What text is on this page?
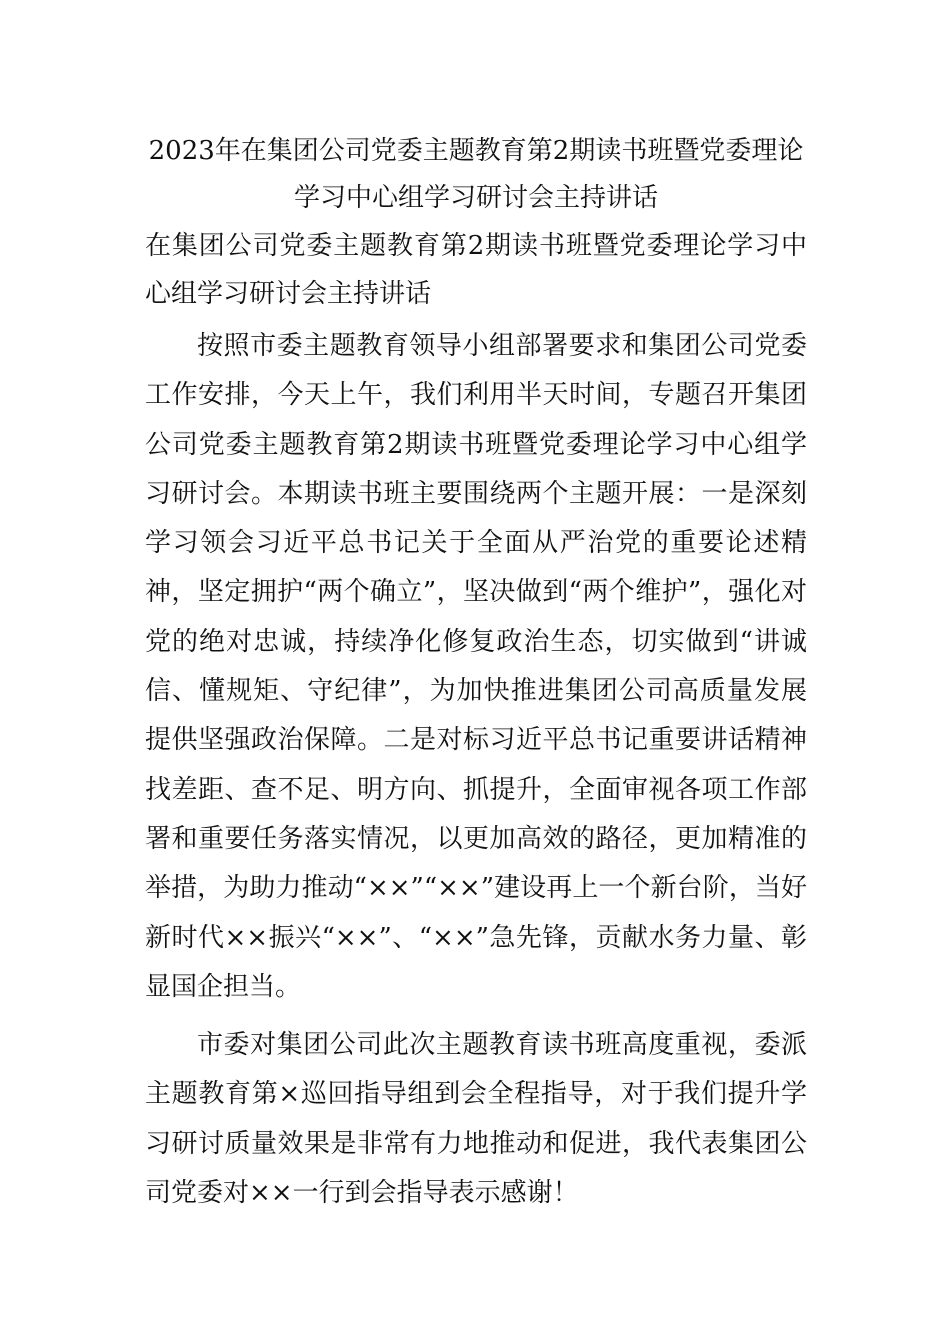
2023年在集团公司党委主题教育第2期读书班暨党委理论学习中心组学习研讨会主持讲话

在集团公司党委主题教育第2期读书班暨党委理论学习中心组学习研讨会主持讲话

按照市委主题教育领导小组部署要求和集团公司党委工作安排，今天上午，我们利用半天时间，专题召开集团公司党委主题教育第2期读书班暨党委理论学习中心组学习研讨会。本期读书班主要围绕两个主题开展：一是深刻学习领会习近平总书记关于全面从严治党的重要论述精神，坚定拥护“两个确立”，坚决做到“两个维护”，强化对党的绝对忠诚，持续净化修复政治生态，切实做到“讲诚信、懂规矩、守纪律”，为加快推进集团公司高质量发展提供坚强政治保障。二是对标习近平总书记重要讲话精神找差距、查不足、明方向、抓提升，全面审视各项工作部署和重要任务落实情况，以更加高效的路径，更加精准的举措，为助力推动“××”“××”建设再上一个新台阶，当好新时代××振兴“××”、“××”急先锋，贡献水务力量、彰显国企担当。

市委对集团公司此次主题教育读书班高度重视，委派主题教育第×巡回指导组到会全程指导，对于我们提升学习研讨质量效果是非常有力地推动和促进，我代表集团公司党委对××一行到会指导表示感谢！
